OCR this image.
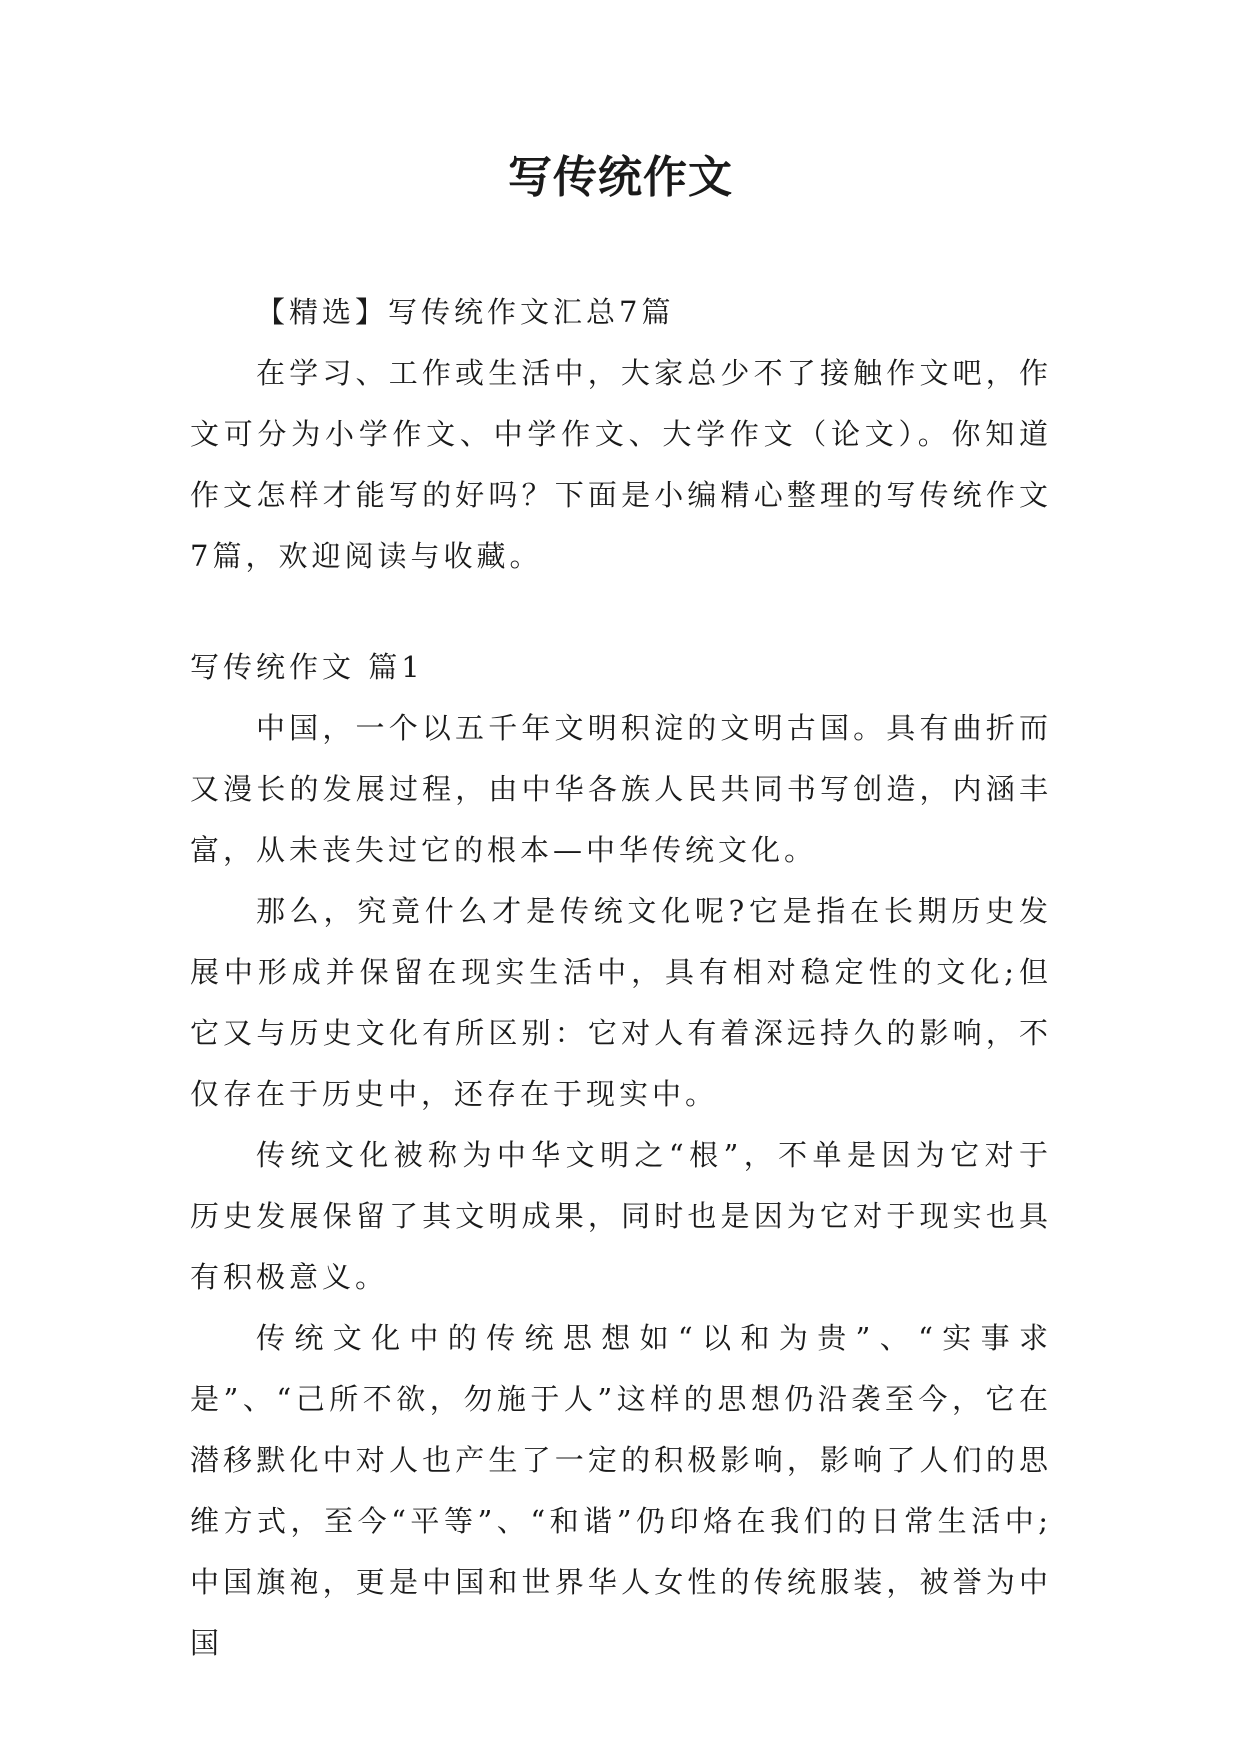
写传统作文

【精选】写传统作文汇总7篇

在学习、工作或生活中，大家总少不了接触作文吧，作文可分为小学作文、中学作文、大学作文（论文）。你知道作文怎样才能写的好吗？下面是小编精心整理的写传统作文7篇，欢迎阅读与收藏。

写传统作文 篇1

中国，一个以五千年文明积淀的文明古国。具有曲折而又漫长的发展过程，由中华各族人民共同书写创造，内涵丰富，从未丧失过它的根本—中华传统文化。

那么，究竟什么才是传统文化呢?它是指在长期历史发展中形成并保留在现实生活中，具有相对稳定性的文化;但它又与历史文化有所区别：它对人有着深远持久的影响，不仅存在于历史中，还存在于现实中。

传统文化被称为中华文明之“根”，不单是因为它对于历史发展保留了其文明成果，同时也是因为它对于现实也具有积极意义。

传统文化中的传统思想如“以和为贵”、“实事求是”、“己所不欲，勿施于人”这样的思想仍沿袭至今，它在潜移默化中对人也产生了一定的积极影响，影响了人们的思维方式，至今“平等”、“和谐”仍印烙在我们的日常生活中;中国旗袍，更是中国和世界华人女性的传统服装，被誉为中国
